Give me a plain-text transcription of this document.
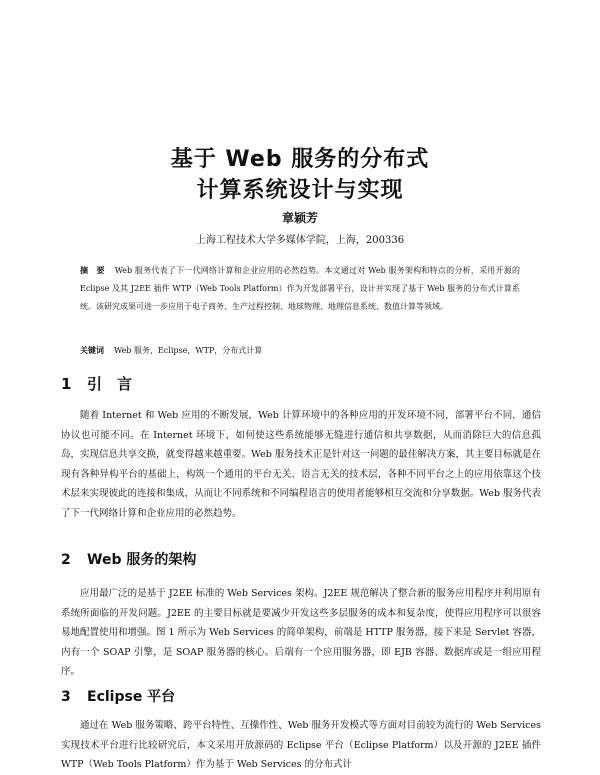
基于 Web 服务的分布式
计算系统设计与实现
章颖芳
上海工程技术大学多媒体学院，上海，200336
摘　要 Web 服务代表了下一代网络计算和企业应用的必然趋势。本文通过对 Web 服务架构和特点的分析，采用开源的 Eclipse 及其 J2EE 插件 WTP（Web Tools Platform）作为开发部署平台，设计并实现了基于 Web 服务的分布式计算系统。该研究成果可进一步应用于电子商务、生产过程控制、地球物理、地理信息系统、数值计算等领域。
关键词 Web 服务，Eclipse，WTP，分布式计算
1 引　言
随着 Internet 和 Web 应用的不断发展，Web 计算环境中的各种应用的开发环境不同，部署平台不同，通信协议也可能不同。在 Internet 环境下，如何使这些系统能够无缝进行通信和共享数据，从而消除巨大的信息孤岛，实现信息共享交换，就变得越来越重要。Web 服务技术正是针对这一问题的最佳解决方案，其主要目标就是在现有各种异构平台的基础上，构筑一个通用的平台无关、语言无关的技术层，各种不同平台之上的应用依靠这个技术层来实现彼此的连接和集成，从而让不同系统和不同编程语言的使用者能够相互交流和分享数据。Web 服务代表了下一代网络计算和企业应用的必然趋势。
2 Web 服务的架构
应用最广泛的是基于 J2EE 标准的 Web Services 架构。J2EE 规范解决了整合新的服务应用程序并利用原有系统所面临的开发问题。J2EE 的主要目标就是要减少开发这些多层服务的成本和复杂度，使得应用程序可以很容易地配置使用和增强。图 1 所示为 Web Services 的简单架构，前端是 HTTP 服务器，接下来是 Servlet 容器，内有一个 SOAP 引擎，是 SOAP 服务器的核心。后端有一个应用服务器，即 EJB 容器、数据库或是一组应用程序。
3 Eclipse 平台
通过在 Web 服务策略、跨平台特性、互操作性、Web 服务开发模式等方面对目前较为流行的 Web Services 实现技术平台进行比较研究后，本文采用开放源码的 Eclipse 平台（Eclipse Platform）以及开源的 J2EE 插件 WTP（Web Tools Platform）作为基于 Web Services 的分布式计
